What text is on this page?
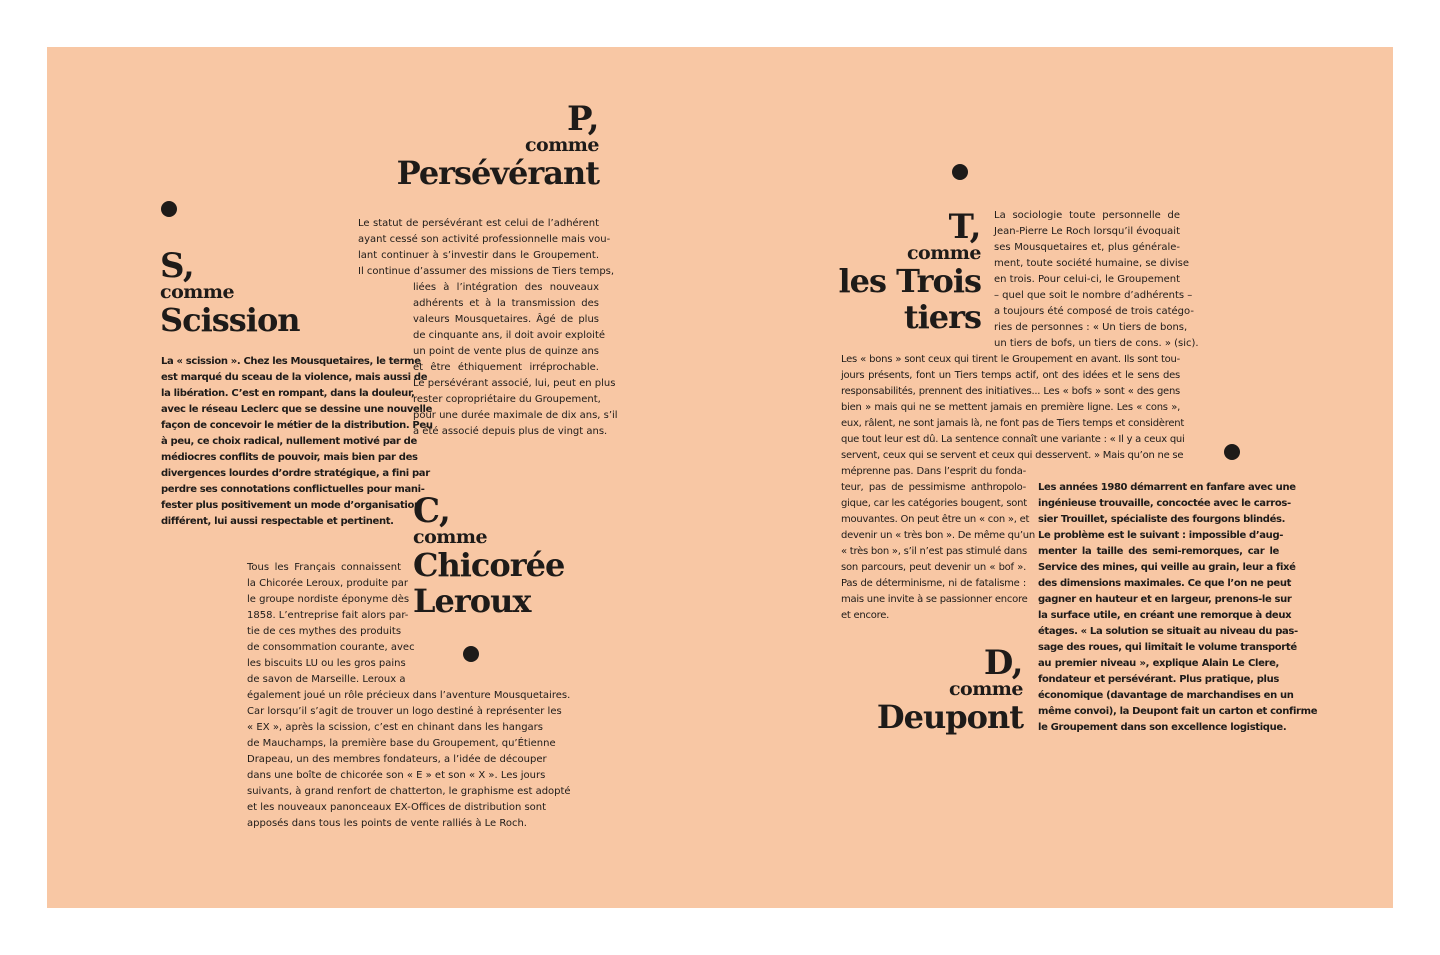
P,
comme
Persévérant
Le statut de persévérant est celui de l’adhérent
ayant cessé son activité professionnelle mais vou-
lant continuer à s’investir dans le Groupement.
Il continue d’assumer des missions de Tiers temps,
liées à l’intégration des nouveaux
adhérents et à la transmission des
valeurs Mousquetaires. Âgé de plus
de cinquante ans, il doit avoir exploité
un point de vente plus de quinze ans
et être éthiquement irréprochable.
Le persévérant associé, lui, peut en plus
rester copropriétaire du Groupement,
pour une durée maximale de dix ans, s’il
a été associé depuis plus de vingt ans.
S,
comme
Scission
La « scission ». Chez les Mousquetaires, le terme
est marqué du sceau de la violence, mais aussi de
la libération. C’est en rompant, dans la douleur,
avec le réseau Leclerc que se dessine une nouvelle
façon de concevoir le métier de la distribution. Peu
à peu, ce choix radical, nullement motivé par de
médiocres conflits de pouvoir, mais bien par des
divergences lourdes d’ordre stratégique, a fini par
perdre ses connotations conflictuelles pour mani-
fester plus positivement un mode d’organisation
différent, lui aussi respectable et pertinent. C,
comme
Chicorée
Leroux
Tous les Français connaissent
la Chicorée Leroux, produite par
le groupe nordiste éponyme dès
1858. L’entreprise fait alors par-
tie de ces mythes des produits
de consommation courante, avec
les biscuits LU ou les gros pains
de savon de Marseille. Leroux a
également joué un rôle précieux dans l’aventure Mousquetaires.
Car lorsqu’il s’agit de trouver un logo destiné à représenter les
« EX », après la scission, c’est en chinant dans les hangars
de Mauchamps, la première base du Groupement, qu’Étienne
Drapeau, un des membres fondateurs, a l’idée de découper
dans une boîte de chicorée son « E » et son « X ». Les jours
suivants, à grand renfort de chatterton, le graphisme est adopté
et les nouveaux panonceaux EX-Offices de distribution sont
apposés dans tous les points de vente ralliés à Le Roch.
T,
comme
les Trois
tiers
La sociologie toute personnelle de
Jean-Pierre Le Roch lorsqu’il évoquait
ses Mousquetaires et, plus générale-
ment, toute société humaine, se divise
en trois. Pour celui-ci, le Groupement
– quel que soit le nombre d’adhérents –
a toujours été composé de trois catégo-
ries de personnes : « Un tiers de bons,
un tiers de bofs, un tiers de cons. » (sic).
Les « bons » sont ceux qui tirent le Groupement en avant. Ils sont tou-
jours présents, font un Tiers temps actif, ont des idées et le sens des
responsabilités, prennent des initiatives... Les « bofs » sont « des gens
bien » mais qui ne se mettent jamais en première ligne. Les « cons »,
eux, râlent, ne sont jamais là, ne font pas de Tiers temps et considèrent
que tout leur est dû. La sentence connaît une variante : « Il y a ceux qui
servent, ceux qui se servent et ceux qui desservent. » Mais qu’on ne se
méprenne pas. Dans l’esprit du fonda-
teur, pas de pessimisme anthropolo-
gique, car les catégories bougent, sont
mouvantes. On peut être un « con », et
devenir un « très bon ». De même qu’un
« très bon », s’il n’est pas stimulé dans
son parcours, peut devenir un « bof ».
Pas de déterminisme, ni de fatalisme :
mais une invite à se passionner encore
et encore.
D,
comme
Deupont
Les années 1980 démarrent en fanfare avec une
ingénieuse trouvaille, concoctée avec le carros-
sier Trouillet, spécialiste des fourgons blindés.
Le problème est le suivant : impossible d’aug-
menter la taille des semi-remorques, car le
Service des mines, qui veille au grain, leur a fixé
des dimensions maximales. Ce que l’on ne peut
gagner en hauteur et en largeur, prenons-le sur
la surface utile, en créant une remorque à deux
étages. « La solution se situait au niveau du pas-
sage des roues, qui limitait le volume transporté
au premier niveau », explique Alain Le Clere,
fondateur et persévérant. Plus pratique, plus
économique (davantage de marchandises en un
même convoi), la Deupont fait un carton et confirme
le Groupement dans son excellence logistique.
